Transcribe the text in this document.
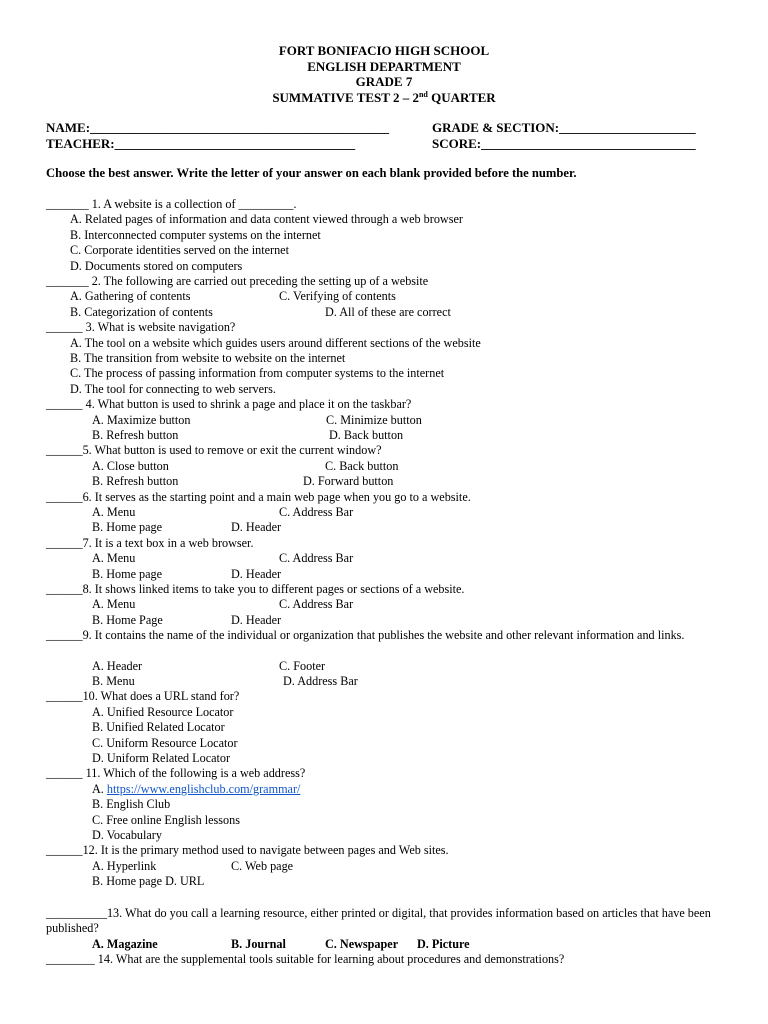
FORT BONIFACIO HIGH SCHOOL
ENGLISH DEPARTMENT
GRADE 7
SUMMATIVE TEST 2 – 2nd QUARTER
NAME:______________________________________________	GRADE & SECTION:_____________________
TEACHER:_____________________________________	SCORE:_________________________________
Choose the best answer. Write the letter of your answer on each blank provided before the number.
_______ 1. A website is a collection of _________.
A. Related pages of information and data content viewed through a web browser
B. Interconnected computer systems on the internet
C. Corporate identities served on the internet
D. Documents stored on computers
_______ 2. The following are carried out preceding the setting up of a website
A. Gathering of contents	C. Verifying of contents
B. Categorization of contents	D. All of these are correct
______ 3. What is website navigation?
A. The tool on a website which guides users around different sections of the website
B. The transition from website to website on the internet
C. The process of passing information from computer systems to the internet
D. The tool for connecting to web servers.
______ 4. What button is used to shrink a page and place it on the taskbar?
A. Maximize button	C. Minimize button
B. Refresh button	D. Back button
______5. What button is used to remove or exit the current window?
A. Close button	C. Back button
B. Refresh button	D. Forward button
______6. It serves as the starting point and a main web page when you go to a website.
A. Menu	C. Address Bar
B. Home page	D. Header
______7. It is a text box in a web browser.
A. Menu	C. Address Bar
B. Home page	D. Header
______8. It shows linked items to take you to different pages or sections of a website.
A. Menu	C. Address Bar
B. Home Page	D. Header
______9. It contains the name of the individual or organization that publishes the website and other relevant information and links.
A. Header	C. Footer
B. Menu	D. Address Bar
______10. What does a URL stand for?
A. Unified Resource Locator
B. Unified Related Locator
C. Uniform Resource Locator
D. Uniform Related Locator
______ 11. Which of the following is a web address?
A. https://www.englishclub.com/grammar/
B. English Club
C. Free online English lessons
D. Vocabulary
______12. It is the primary method used to navigate between pages and Web sites.
A. Hyperlink	C. Web page
B. Home page D. URL
__________13. What do you call a learning resource, either printed or digital, that provides information based on articles that have been published?
A. Magazine	B. Journal	C. Newspaper D. Picture
________ 14. What are the supplemental tools suitable for learning about procedures and demonstrations?
